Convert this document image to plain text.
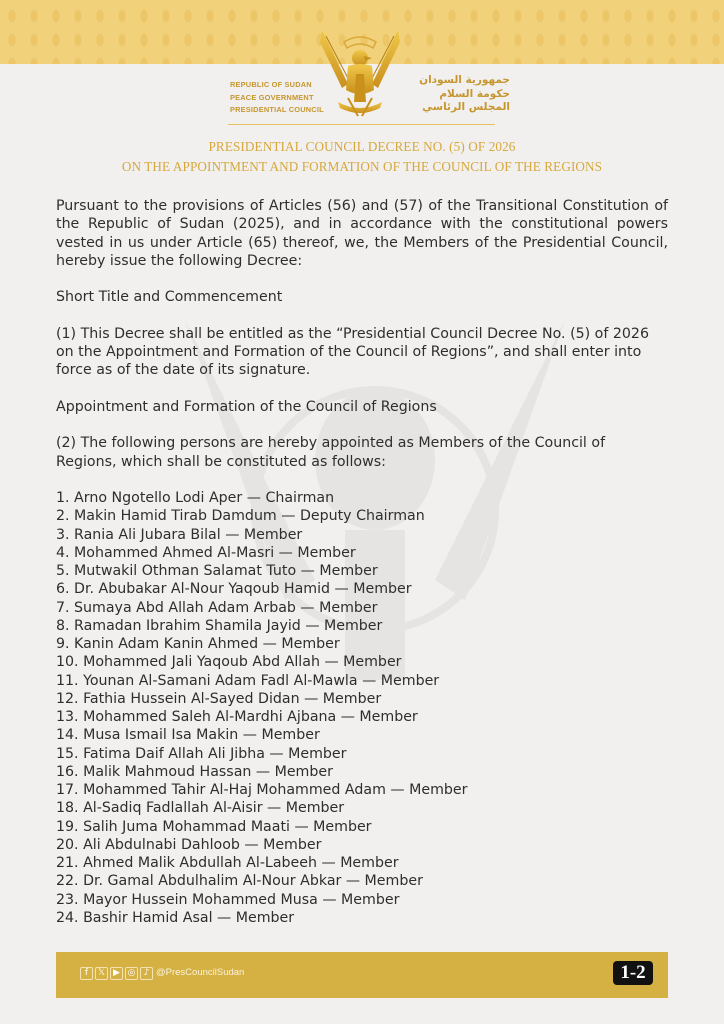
REPUBLIC OF SUDAN
PEACE GOVERNMENT
PRESIDENTIAL COUNCIL
جمهورية السودان
حكومة السلام
المجلس الرئاسي
PRESIDENTIAL COUNCIL DECREE NO. (5) OF 2026
ON THE APPOINTMENT AND FORMATION OF THE COUNCIL OF THE REGIONS

Pursuant to the provisions of Articles (56) and (57) of the Transitional Constitution of the Republic of Sudan (2025), and in accordance with the constitutional powers vested in us under Article (65) thereof, we, the Members of the Presidential Council, hereby issue the following Decree:

Short Title and Commencement

(1) This Decree shall be entitled as the “Presidential Council Decree No. (5) of 2026 on the Appointment and Formation of the Council of Regions”, and shall enter into force as of the date of its signature.

Appointment and Formation of the Council of Regions

(2) The following persons are hereby appointed as Members of the Council of Regions, which shall be constituted as follows:

1. Arno Ngotello Lodi Aper — Chairman
2. Makin Hamid Tirab Damdum — Deputy Chairman
3. Rania Ali Jubara Bilal — Member
4. Mohammed Ahmed Al-Masri — Member
5. Mutwakil Othman Salamat Tuto — Member
6. Dr. Abubakar Al-Nour Yaqoub Hamid — Member
7. Sumaya Abd Allah Adam Arbab — Member
8. Ramadan Ibrahim Shamila Jayid — Member
9. Kanin Adam Kanin Ahmed — Member
10. Mohammed Jali Yaqoub Abd Allah — Member
11. Younan Al-Samani Adam Fadl Al-Mawla — Member
12. Fathia Hussein Al-Sayed Didan — Member
13. Mohammed Saleh Al-Mardhi Ajbana — Member
14. Musa Ismail Isa Makin — Member
15. Fatima Daif Allah Ali Jibha — Member
16. Malik Mahmoud Hassan — Member
17. Mohammed Tahir Al-Haj Mohammed Adam — Member
18. Al-Sadiq Fadlallah Al-Aisir — Member
19. Salih Juma Mohammad Maati — Member
20. Ali Abdulnabi Dahloob — Member
21. Ahmed Malik Abdullah Al-Labeeh — Member
22. Dr. Gamal Abdulhalim Al-Nour Abkar — Member
23. Mayor Hussein Mohammed Musa — Member
24. Bashir Hamid Asal — Member
f	𝕏 ▶ ◎ ♪ @PresCouncilSudan	1-2
